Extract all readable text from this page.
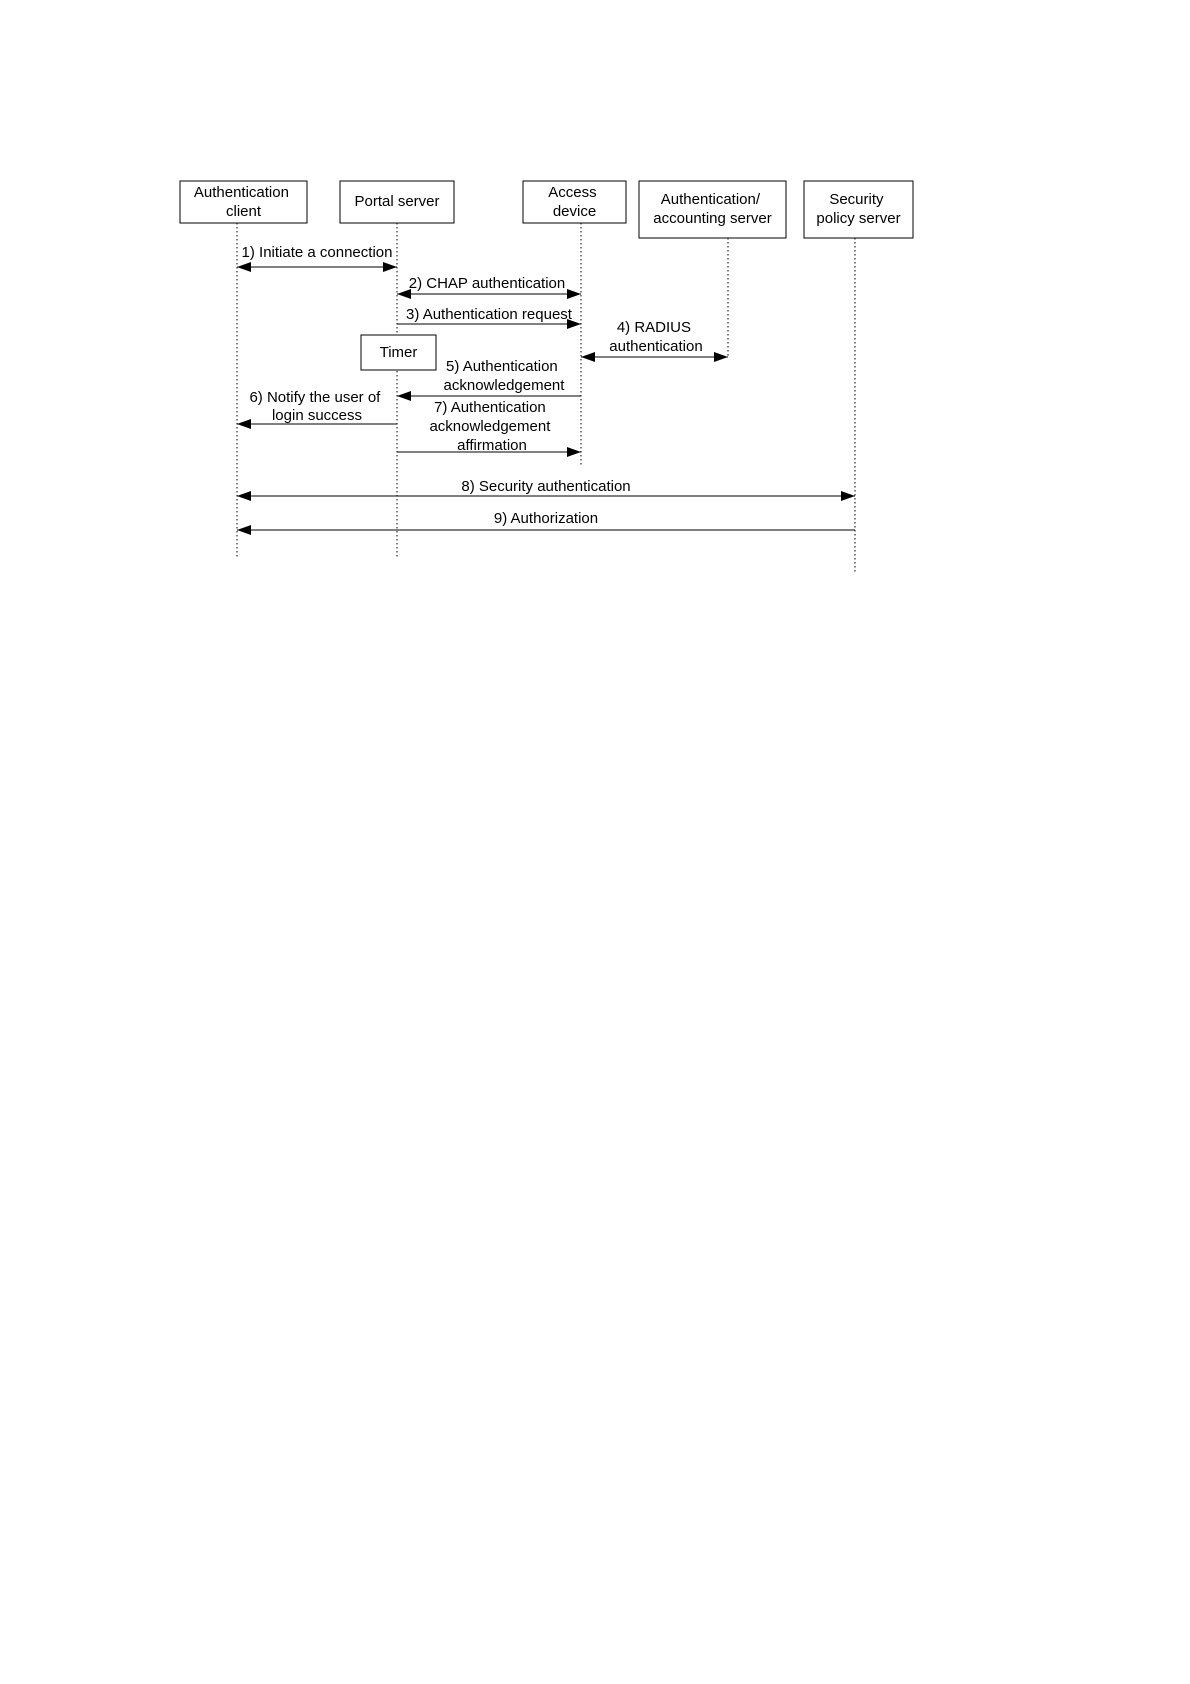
Authentication client
Portal server
Access device
Authentication/ accounting server
Security policy server
Timer
1) Initiate a connection
2) CHAP authentication
3) Authentication request
4) RADIUS authentication
5) Authentication acknowledgement
6) Notify the user of login success	7) Authentication acknowledgement affirmation
8) Security authentication
9) Authorization
